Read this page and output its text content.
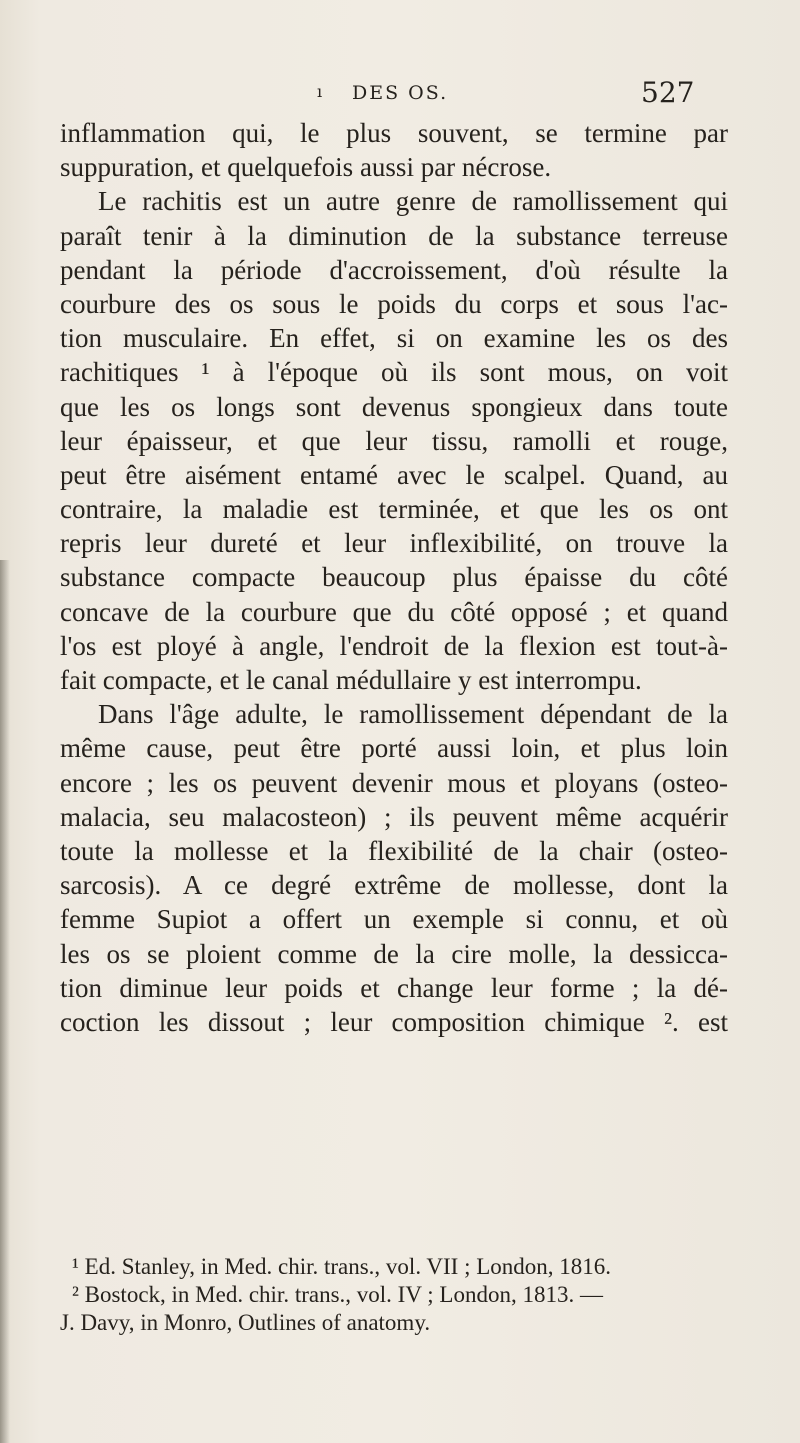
ı DES OS.	527
inflammation qui, le plus souvent, se termine par
suppuration, et quelquefois aussi par nécrose.
Le rachitis est un autre genre de ramollissement qui
paraît tenir à la diminution de la substance terreuse
pendant la période d'accroissement, d'où résulte la
courbure des os sous le poids du corps et sous l'ac-
tion musculaire. En effet, si on examine les os des
rachitiques ¹ à l'époque où ils sont mous, on voit
que les os longs sont devenus spongieux dans toute
leur épaisseur, et que leur tissu, ramolli et rouge,
peut être aisément entamé avec le scalpel. Quand, au
contraire, la maladie est terminée, et que les os ont
repris leur dureté et leur inflexibilité, on trouve la
substance compacte beaucoup plus épaisse du côté
concave de la courbure que du côté opposé ; et quand
l'os est ployé à angle, l'endroit de la flexion est tout-à-
fait compacte, et le canal médullaire y est interrompu.
Dans l'âge adulte, le ramollissement dépendant de la
même cause, peut être porté aussi loin, et plus loin
encore ; les os peuvent devenir mous et ployans (osteo-
malacia, seu malacosteon) ; ils peuvent même acquérir
toute la mollesse et la flexibilité de la chair (osteo-
sarcosis). A ce degré extrême de mollesse, dont la
femme Supiot a offert un exemple si connu, et où
les os se ploient comme de la cire molle, la dessicca-
tion diminue leur poids et change leur forme ; la dé-
coction les dissout ; leur composition chimique ². est
¹ Ed. Stanley, in Med. chir. trans., vol. VII ; London, 1816.
² Bostock, in Med. chir. trans., vol. IV ; London, 1813. —
J. Davy, in Monro, Outlines of anatomy.
